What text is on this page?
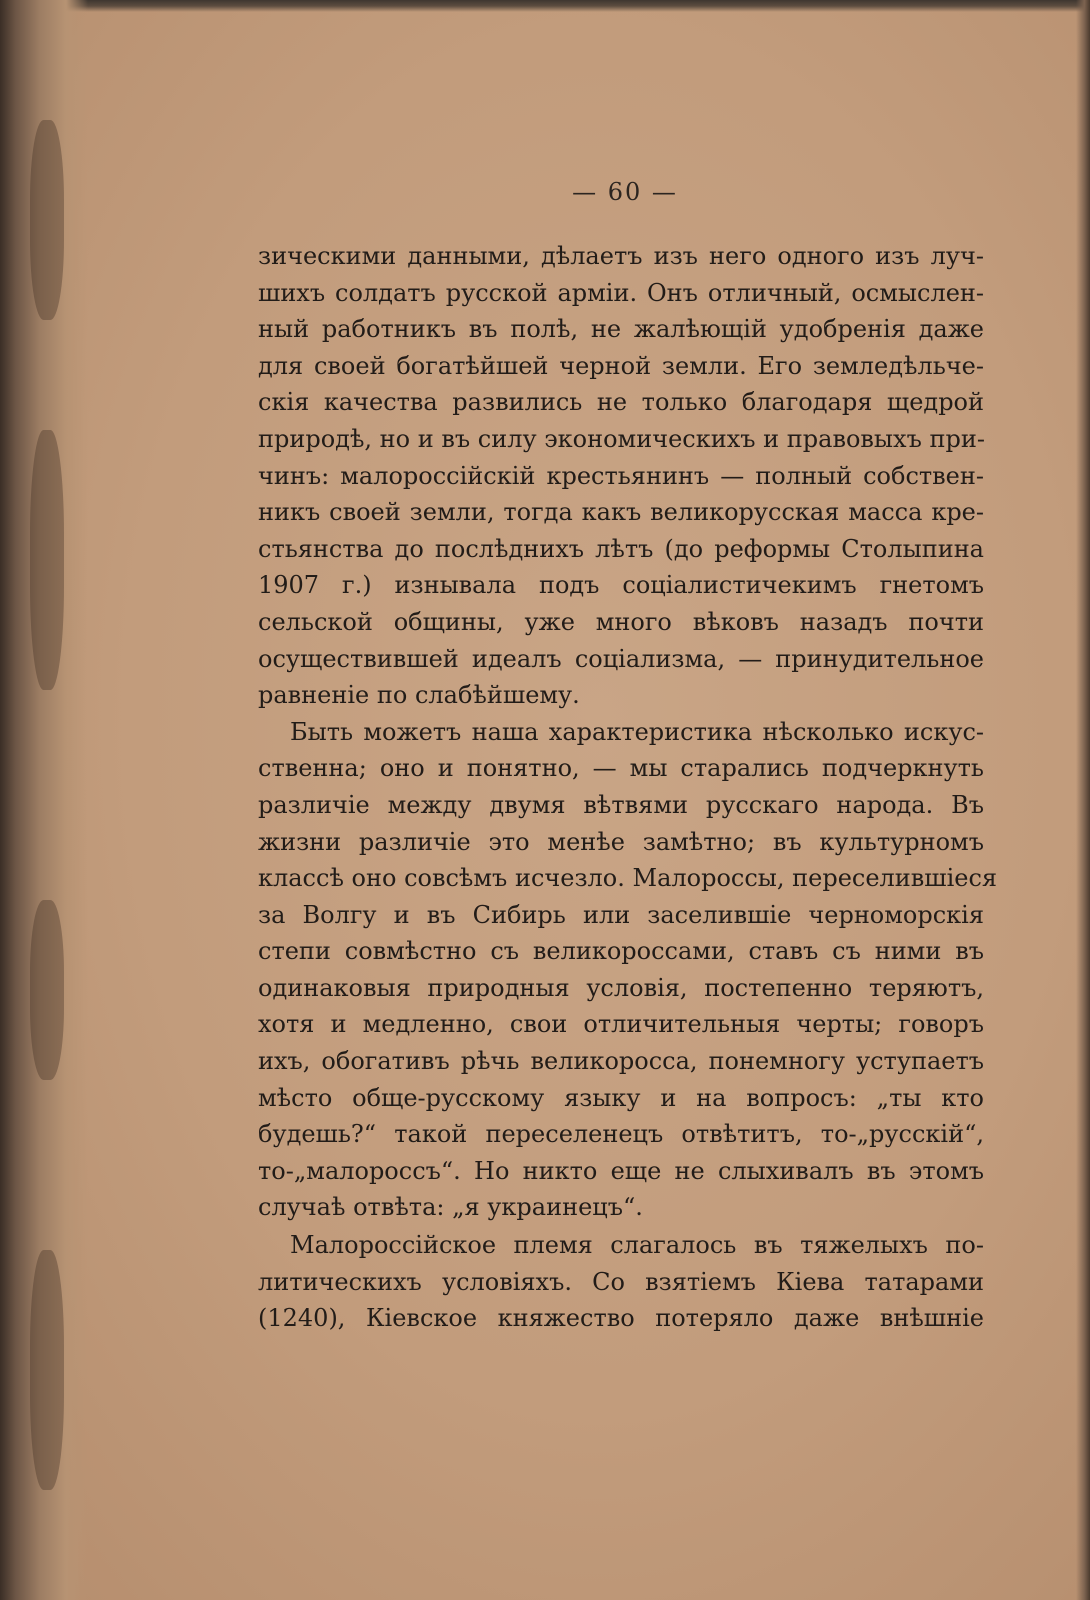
— 60 —
зическими данными, дѣлаетъ изъ него одного изъ луч-
шихъ солдатъ русской арміи. Онъ отличный, осмыслен-
ный работникъ въ полѣ, не жалѣющій удобренія даже
для своей богатѣйшей черной земли. Его земледѣльче-
скія качества развились не только благодаря щедрой
природѣ, но и въ силу экономическихъ и правовыхъ при-
чинъ: малороссійскій крестьянинъ — полный собствен-
никъ своей земли, тогда какъ великорусская масса кре-
стьянства до послѣднихъ лѣтъ (до реформы Столыпина
1907 г.) изнывала подъ соціалистичекимъ гнетомъ
сельской общины, уже много вѣковъ назадъ почти
осуществившей идеалъ соціализма, — принудительное
равненіе по слабѣйшему.
Быть можетъ наша характеристика нѣсколько искус-
ственна; оно и понятно, — мы старались подчеркнуть
различіе между двумя вѣтвями русскаго народа. Въ
жизни различіе это менѣе замѣтно; въ культурномъ
классѣ оно совсѣмъ исчезло. Малороссы, переселившіеся
за Волгу и въ Сибирь или заселившіе черноморскія
степи совмѣстно съ великороссами, ставъ съ ними въ
одинаковыя природныя условія, постепенно теряютъ,
хотя и медленно, свои отличительныя черты; говоръ
ихъ, обогативъ рѣчь великоросса, понемногу уступаетъ
мѣсто обще-русскому языку и на вопросъ: „ты кто
будешь?“ такой переселенецъ отвѣтитъ, то-„русскій“,
то-„малороссъ“. Но никто еще не слыхивалъ въ этомъ
случаѣ отвѣта: „я украинецъ“.
Малороссійское племя слагалось въ тяжелыхъ по-
литическихъ условіяхъ. Со взятіемъ Кіева татарами
(1240), Кіевское княжество потеряло даже внѣшніе
